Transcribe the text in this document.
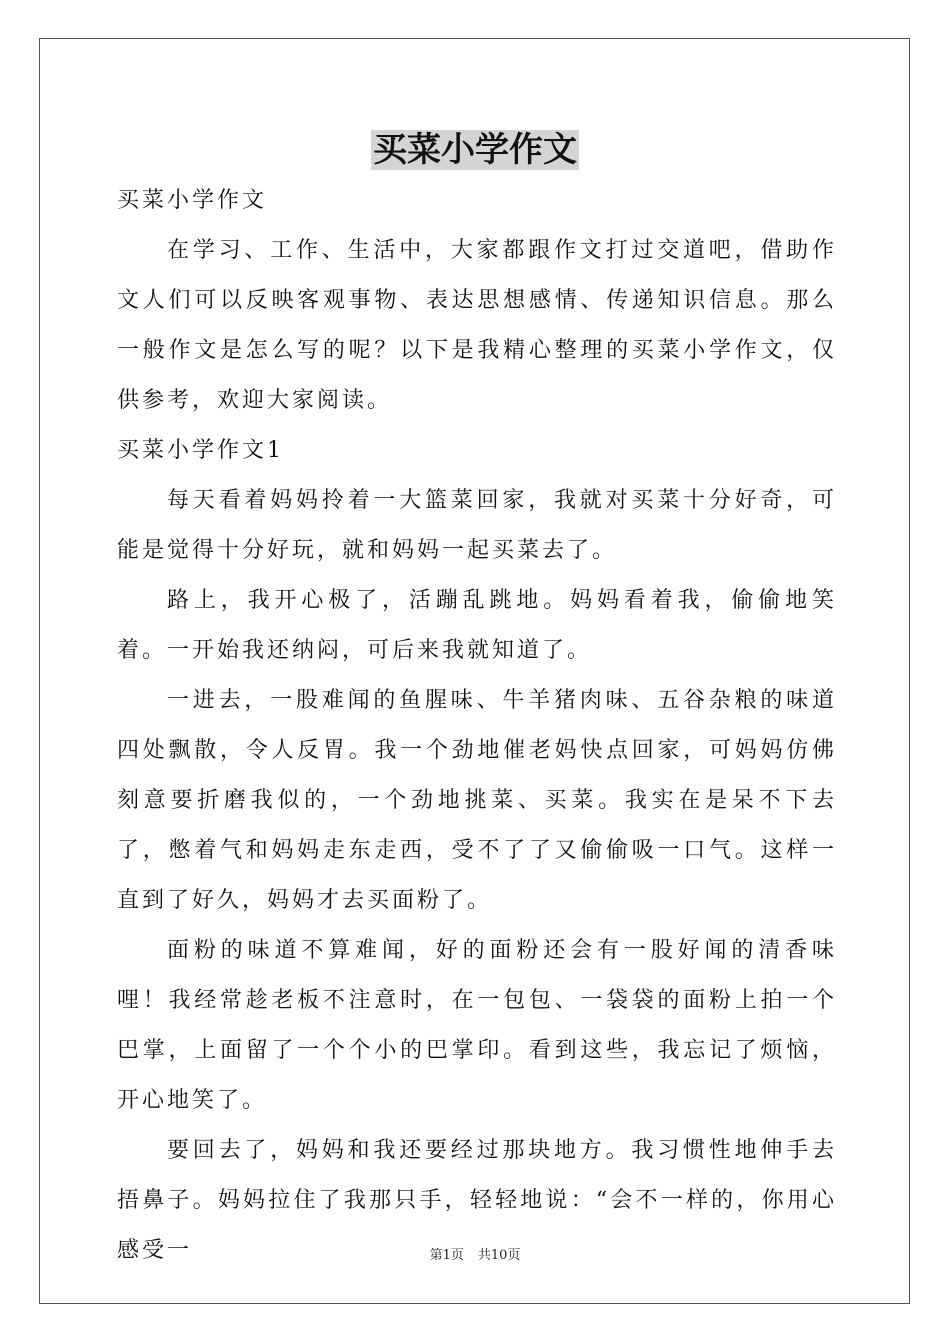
买菜小学作文

买菜小学作文

在学习、工作、生活中，大家都跟作文打过交道吧，借助作文人们可以反映客观事物、表达思想感情、传递知识信息。那么一般作文是怎么写的呢？以下是我精心整理的买菜小学作文，仅供参考，欢迎大家阅读。

买菜小学作文1

每天看着妈妈拎着一大篮菜回家，我就对买菜十分好奇，可能是觉得十分好玩，就和妈妈一起买菜去了。

路上，我开心极了，活蹦乱跳地。妈妈看着我，偷偷地笑着。一开始我还纳闷，可后来我就知道了。

一进去，一股难闻的鱼腥味、牛羊猪肉味、五谷杂粮的味道四处飘散，令人反胃。我一个劲地催老妈快点回家，可妈妈仿佛刻意要折磨我似的，一个劲地挑菜、买菜。我实在是呆不下去了，憋着气和妈妈走东走西，受不了了又偷偷吸一口气。这样一直到了好久，妈妈才去买面粉了。

面粉的味道不算难闻，好的面粉还会有一股好闻的清香味哩！我经常趁老板不注意时，在一包包、一袋袋的面粉上拍一个巴掌，上面留了一个个小的巴掌印。看到这些，我忘记了烦恼，开心地笑了。

要回去了，妈妈和我还要经过那块地方。我习惯性地伸手去捂鼻子。妈妈拉住了我那只手，轻轻地说：“会不一样的，你用心感受一	第1页 共10页
